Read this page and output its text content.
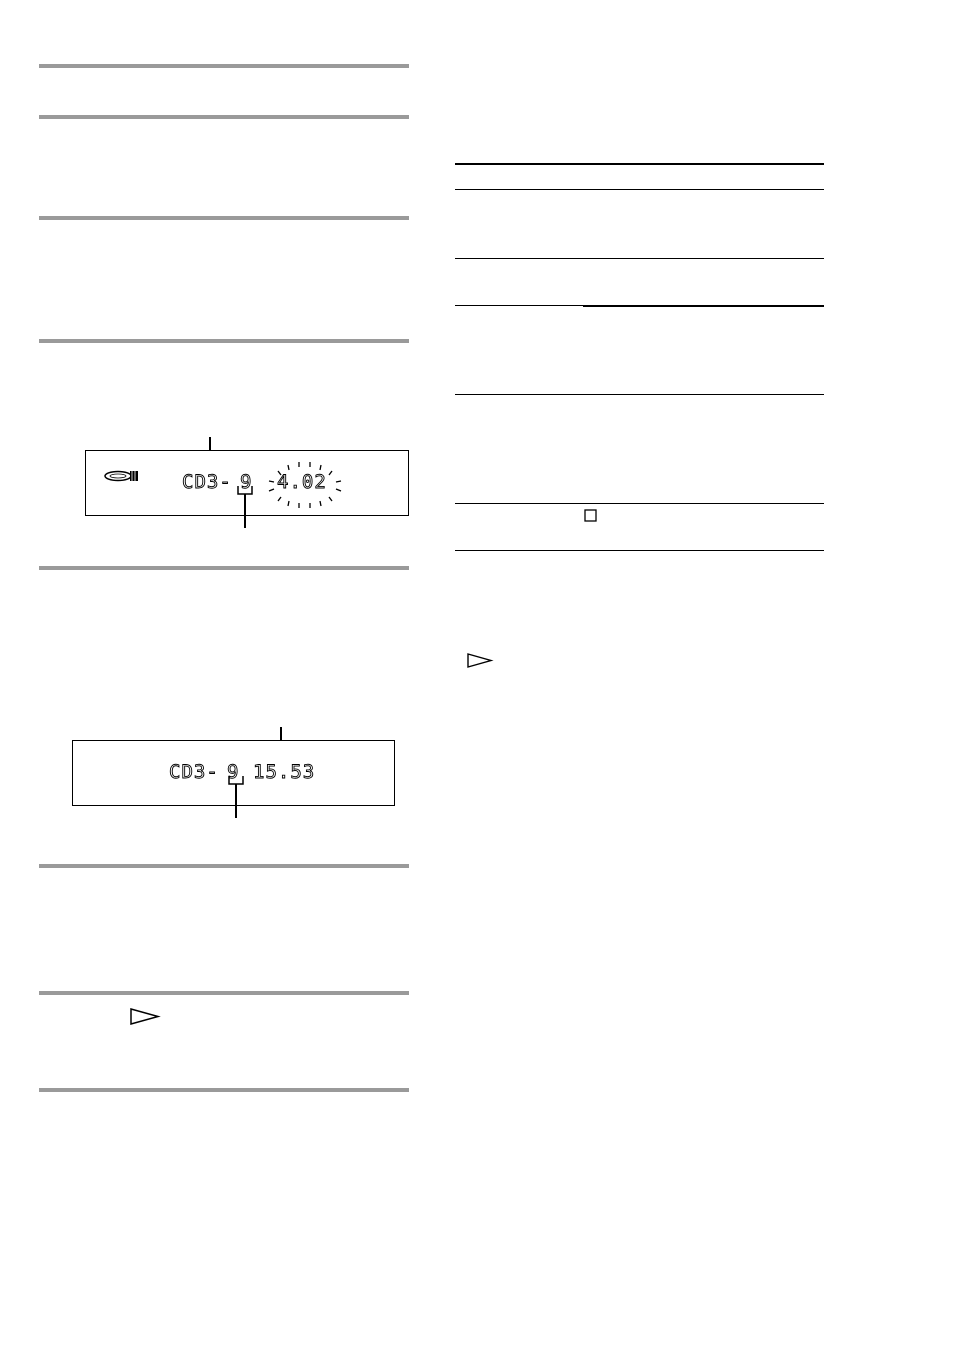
CD3- 9 4.02
CD3- 9 15.53
